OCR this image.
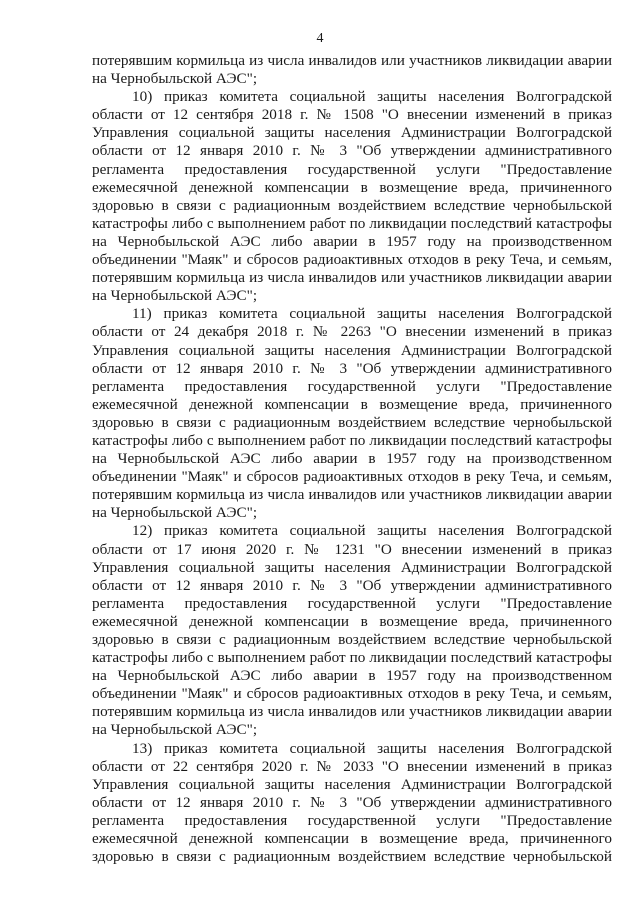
4
потерявшим кормильца из числа инвалидов или участников ликвидации аварии
на Чернобыльской АЭС";
10) приказ комитета социальной защиты населения Волгоградской
области от 12 сентября 2018 г. № 1508 "О внесении изменений в приказ
Управления социальной защиты населения Администрации Волгоградской
области от 12 января 2010 г. № 3 "Об утверждении административного
регламента предоставления государственной услуги "Предоставление
ежемесячной денежной компенсации в возмещение вреда, причиненного
здоровью в связи с радиационным воздействием вследствие чернобыльской
катастрофы либо с выполнением работ по ликвидации последствий катастрофы
на Чернобыльской АЭС либо аварии в 1957 году на производственном
объединении "Маяк" и сбросов радиоактивных отходов в реку Теча, и семьям,
потерявшим кормильца из числа инвалидов или участников ликвидации аварии
на Чернобыльской АЭС";
11) приказ комитета социальной защиты населения Волгоградской
области от 24 декабря 2018 г. № 2263 "О внесении изменений в приказ
Управления социальной защиты населения Администрации Волгоградской
области от 12 января 2010 г. № 3 "Об утверждении административного
регламента предоставления государственной услуги "Предоставление
ежемесячной денежной компенсации в возмещение вреда, причиненного
здоровью в связи с радиационным воздействием вследствие чернобыльской
катастрофы либо с выполнением работ по ликвидации последствий катастрофы
на Чернобыльской АЭС либо аварии в 1957 году на производственном
объединении "Маяк" и сбросов радиоактивных отходов в реку Теча, и семьям,
потерявшим кормильца из числа инвалидов или участников ликвидации аварии
на Чернобыльской АЭС";
12) приказ комитета социальной защиты населения Волгоградской
области от 17 июня 2020 г. № 1231 "О внесении изменений в приказ
Управления социальной защиты населения Администрации Волгоградской
области от 12 января 2010 г. № 3 "Об утверждении административного
регламента предоставления государственной услуги "Предоставление
ежемесячной денежной компенсации в возмещение вреда, причиненного
здоровью в связи с радиационным воздействием вследствие чернобыльской
катастрофы либо с выполнением работ по ликвидации последствий катастрофы
на Чернобыльской АЭС либо аварии в 1957 году на производственном
объединении "Маяк" и сбросов радиоактивных отходов в реку Теча, и семьям,
потерявшим кормильца из числа инвалидов или участников ликвидации аварии
на Чернобыльской АЭС";
13) приказ комитета социальной защиты населения Волгоградской
области от 22 сентября 2020 г. № 2033 "О внесении изменений в приказ
Управления социальной защиты населения Администрации Волгоградской
области от 12 января 2010 г. № 3 "Об утверждении административного
регламента предоставления государственной услуги "Предоставление
ежемесячной денежной компенсации в возмещение вреда, причиненного
здоровью в связи с радиационным воздействием вследствие чернобыльской
